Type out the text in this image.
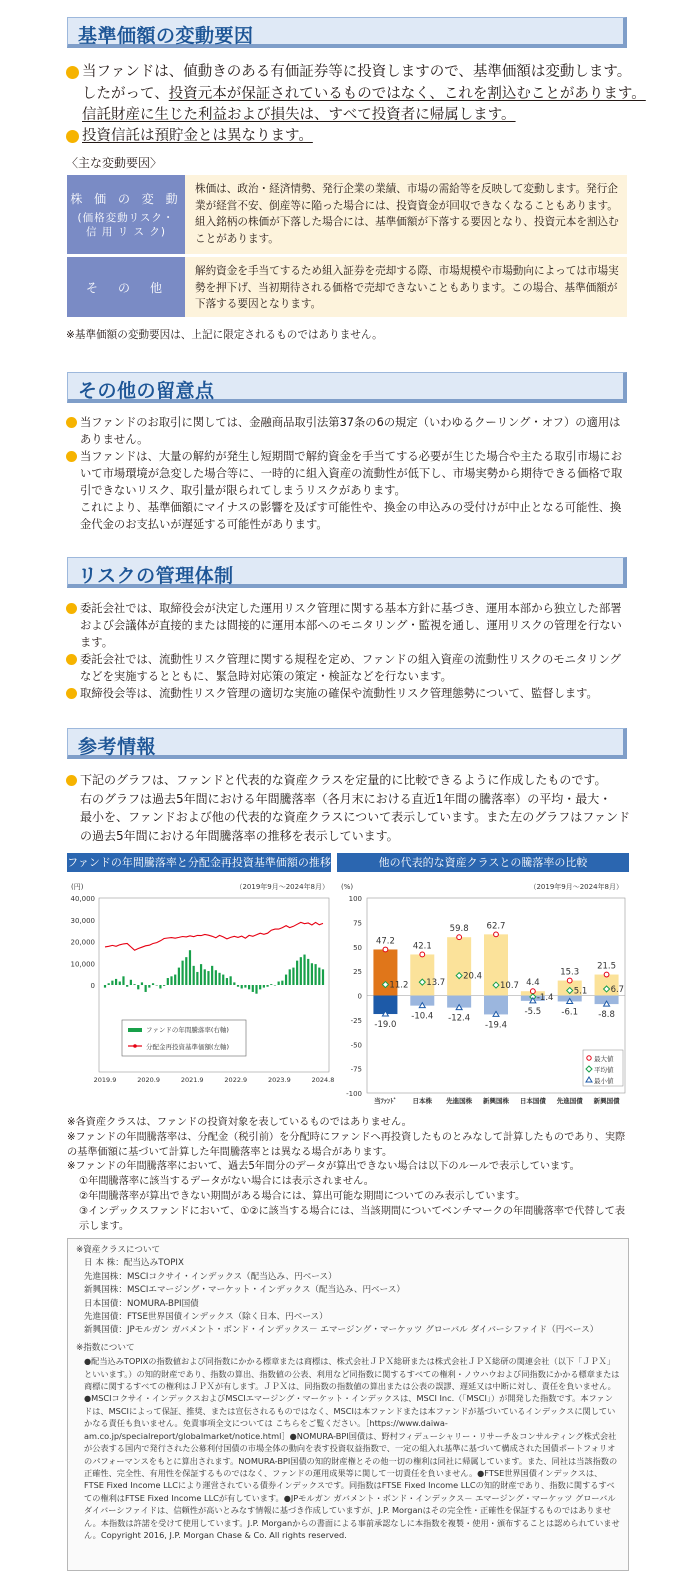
基準価額の変動要因
当ファンドは、値動きのある有価証券等に投資しますので、基準価額は変動します。
したがって、投資元本が保証されているものではなく、これを割込むことがあります。
信託財産に生じた利益および損失は、すべて投資者に帰属します。
投資信託は預貯金とは異なります。
〈主な変動要因〉
株 価 の 変 動
(価格変動リスク・
信 用 リ ス ク)
株価は、政治・経済情勢、発行企業の業績、市場の需給等を反映して変動します。発行企業が経営不安、倒産等に陥った場合には、投資資金が回収できなくなることもあります。組入銘柄の株価が下落した場合には、基準価額が下落する要因となり、投資元本を割込むことがあります。
そ　の　他
解約資金を手当てするため組入証券を売却する際、市場規模や市場動向によっては市場実勢を押下げ、当初期待される価格で売却できないこともあります。この場合、基準価額が下落する要因となります。
※基準価額の変動要因は、上記に限定されるものではありません。
その他の留意点
当ファンドのお取引に関しては、金融商品取引法第37条の6の規定（いわゆるクーリング・オフ）の適用はありません。
当ファンドは、大量の解約が発生し短期間で解約資金を手当てする必要が生じた場合や主たる取引市場において市場環境が急変した場合等に、一時的に組入資産の流動性が低下し、市場実勢から期待できる価格で取引できないリスク、取引量が限られてしまうリスクがあります。
これにより、基準価額にマイナスの影響を及ぼす可能性や、換金の申込みの受付けが中止となる可能性、換金代金のお支払いが遅延する可能性があります。
リスクの管理体制
委託会社では、取締役会が決定した運用リスク管理に関する基本方針に基づき、運用本部から独立した部署および会議体が直接的または間接的に運用本部へのモニタリング・監視を通し、運用リスクの管理を行ないます。
委託会社では、流動性リスク管理に関する規程を定め、ファンドの組入資産の流動性リスクのモニタリングなどを実施するとともに、緊急時対応策の策定・検証などを行ないます。
取締役会等は、流動性リスク管理の適切な実施の確保や流動性リスク管理態勢について、監督します。
参考情報
下記のグラフは、ファンドと代表的な資産クラスを定量的に比較できるように作成したものです。
右のグラフは過去5年間における年間騰落率（各月末における直近1年間の騰落率）の平均・最大・
最小を、ファンドおよび他の代表的な資産クラスについて表示しています。また左のグラフはファンド
の過去5年間における年間騰落率の推移を表示しています。
ファンドの年間騰落率と分配金再投資基準価額の推移
(円)	（2019年9月～2024年8月）
40,000
30,000
20,000
10,000
0
2019.9	2020.9	2021.9	2022.9	2023.9	2024.8
ファンドの年間騰落率(右軸)
分配金再投資基準価額(左軸)
他の代表的な資産クラスとの騰落率の比較
(%)	（2019年9月～2024年8月）
100
75
50
25
0
-25
-50
-75
-100
47.2
11.2
-19.0
当ﾌｧﾝﾄﾞ
42.1
13.7
-10.4
日本株
59.8
20.4
-12.4
先進国株
62.7
10.7
-19.4
新興国株
4.4
-1.4
-5.5
日本国債
15.3
5.1
-6.1
先進国債
21.5
6.7
-8.8
新興国債
最大値
平均値
最小値

※各資産クラスは、ファンドの投資対象を表しているものではありません。

※ファンドの年間騰落率は、分配金（税引前）を分配時にファンドへ再投資したものとみなして計算したものであり、実際の基準価額に基づいて計算した年間騰落率とは異なる場合があります。

※ファンドの年間騰落率において、過去5年間分のデータが算出できない場合は以下のルールで表示しています。

①年間騰落率に該当するデータがない場合には表示されません。

②年間騰落率が算出できない期間がある場合には、算出可能な期間についてのみ表示しています。

③インデックスファンドにおいて、①②に該当する場合には、当該期間についてベンチマークの年間騰落率で代替して表示します。

※資産クラスについて
日 本 株：配当込みTOPIX
先進国株：MSCIコクサイ・インデックス（配当込み、円ベース）
新興国株：MSCIエマージング・マーケット・インデックス（配当込み、円ベース）
日本国債：NOMURA-BPI国債
先進国債：FTSE世界国債インデックス（除く日本、円ベース）
新興国債：JPモルガン ガバメント・ボンド・インデックス－ エマージング・マーケッツ グローバル ダイバーシファイド（円ベース）
※指数について
●配当込みTOPIXの指数値および同指数にかかる標章または商標は、株式会社ＪＰＸ総研または株式会社ＪＰＸ総研の関連会社（以下「ＪＰＸ」といいます。）の知的財産であり、指数の算出、指数値の公表、利用など同指数に関するすべての権利・ノウハウおよび同指数にかかる標章または商標に関するすべての権利はＪＰＸが有します。ＪＰＸは、同指数の指数値の算出または公表の誤謬、遅延又は中断に対し、責任を負いません。●MSCIコクサイ・インデックスおよびMSCIエマージング・マーケット・インデックスは、MSCI Inc.（「MSCI」）が開発した指数です。本ファンドは、MSCIによって保証、推奨、または宣伝されるものではなく、MSCIは本ファンドまたは本ファンドが基づいているインデックスに関していかなる責任も負いません。免責事項全文については こちらをご覧ください。［https://www.daiwa-am.co.jp/specialreport/globalmarket/notice.html］●NOMURA-BPI国債は、野村フィデューシャリー・リサーチ＆コンサルティング株式会社が公表する国内で発行された公募利付国債の市場全体の動向を表す投資収益指数で、一定の組入れ基準に基づいて構成された国債ポートフォリオのパフォーマンスをもとに算出されます。NOMURA-BPI国債の知的財産権とその他一切の権利は同社に帰属しています。また、同社は当該指数の正確性、完全性、有用性を保証するものではなく、ファンドの運用成果等に関して一切責任を負いません。●FTSE世界国債インデックスは、FTSE Fixed Income LLCにより運営されている債券インデックスです。同指数はFTSE Fixed Income LLCの知的財産であり、指数に関するすべての権利はFTSE Fixed Income LLCが有しています。●JPモルガン ガバメント・ボンド・インデックス－ エマージング・マーケッツ グローバル ダイバーシファイドは、信頼性が高いとみなす情報に基づき作成していますが、J.P. Morganはその完全性・正確性を保証するものではありません。本指数は許諾を受けて使用しています。J.P. Morganからの書面による事前承認なしに本指数を複製・使用・頒布することは認められていません。Copyright 2016, J.P. Morgan Chase & Co. All rights reserved.
